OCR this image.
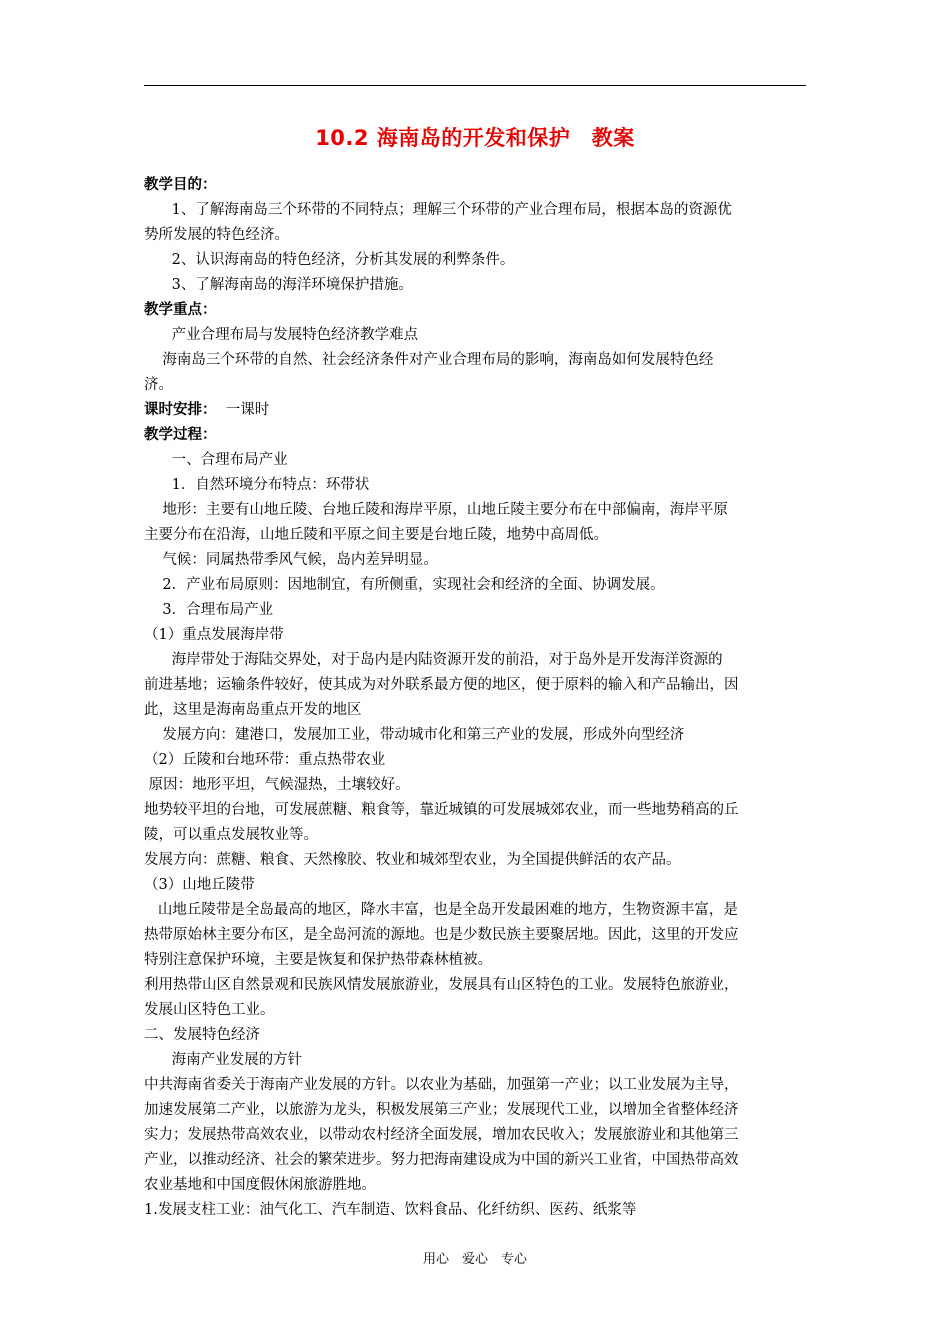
10.2 海南岛的开发和保护　教案
教学目的：
1、了解海南岛三个环带的不同特点；理解三个环带的产业合理布局，根据本岛的资源优
势所发展的特色经济。
2、认识海南岛的特色经济，分析其发展的利弊条件。
3、了解海南岛的海洋环境保护措施。
教学重点：
产业合理布局与发展特色经济教学难点
海南岛三个环带的自然、社会经济条件对产业合理布局的影响，海南岛如何发展特色经
济。
课时安排：  一课时
教学过程：
一、合理布局产业
1．自然环境分布特点：环带状
地形：主要有山地丘陵、台地丘陵和海岸平原，山地丘陵主要分布在中部偏南，海岸平原
主要分布在沿海，山地丘陵和平原之间主要是台地丘陵，地势中高周低。
气候：同属热带季风气候，岛内差异明显。
2．产业布局原则：因地制宜，有所侧重，实现社会和经济的全面、协调发展。
3．合理布局产业
（1）重点发展海岸带
海岸带处于海陆交界处，对于岛内是内陆资源开发的前沿，对于岛外是开发海洋资源的
前进基地；运输条件较好，使其成为对外联系最方便的地区，便于原料的输入和产品输出，因
此，这里是海南岛重点开发的地区
发展方向：建港口，发展加工业，带动城市化和第三产业的发展，形成外向型经济
（2）丘陵和台地环带：重点热带农业
原因：地形平坦，气候湿热，土壤较好。
地势较平坦的台地，可发展蔗糖、粮食等，靠近城镇的可发展城郊农业，而一些地势稍高的丘
陵，可以重点发展牧业等。
发展方向：蔗糖、粮食、天然橡胶、牧业和城郊型农业，为全国提供鲜活的农产品。
（3）山地丘陵带
山地丘陵带是全岛最高的地区，降水丰富，也是全岛开发最困难的地方，生物资源丰富，是
热带原始林主要分布区，是全岛河流的源地。也是少数民族主要聚居地。因此，这里的开发应
特别注意保护环境，主要是恢复和保护热带森林植被。
利用热带山区自然景观和民族风情发展旅游业，发展具有山区特色的工业。发展特色旅游业，
发展山区特色工业。
二、发展特色经济
海南产业发展的方针
中共海南省委关于海南产业发展的方针。以农业为基础，加强第一产业；以工业发展为主导，
加速发展第二产业，以旅游为龙头，积极发展第三产业；发展现代工业，以增加全省整体经济
实力；发展热带高效农业，以带动农村经济全面发展，增加农民收入；发展旅游业和其他第三
产业，以推动经济、社会的繁荣进步。努力把海南建设成为中国的新兴工业省，中国热带高效
农业基地和中国度假休闲旅游胜地。
1.发展支柱工业：油气化工、汽车制造、饮料食品、化纤纺织、医药、纸浆等
用心　爱心　专心
